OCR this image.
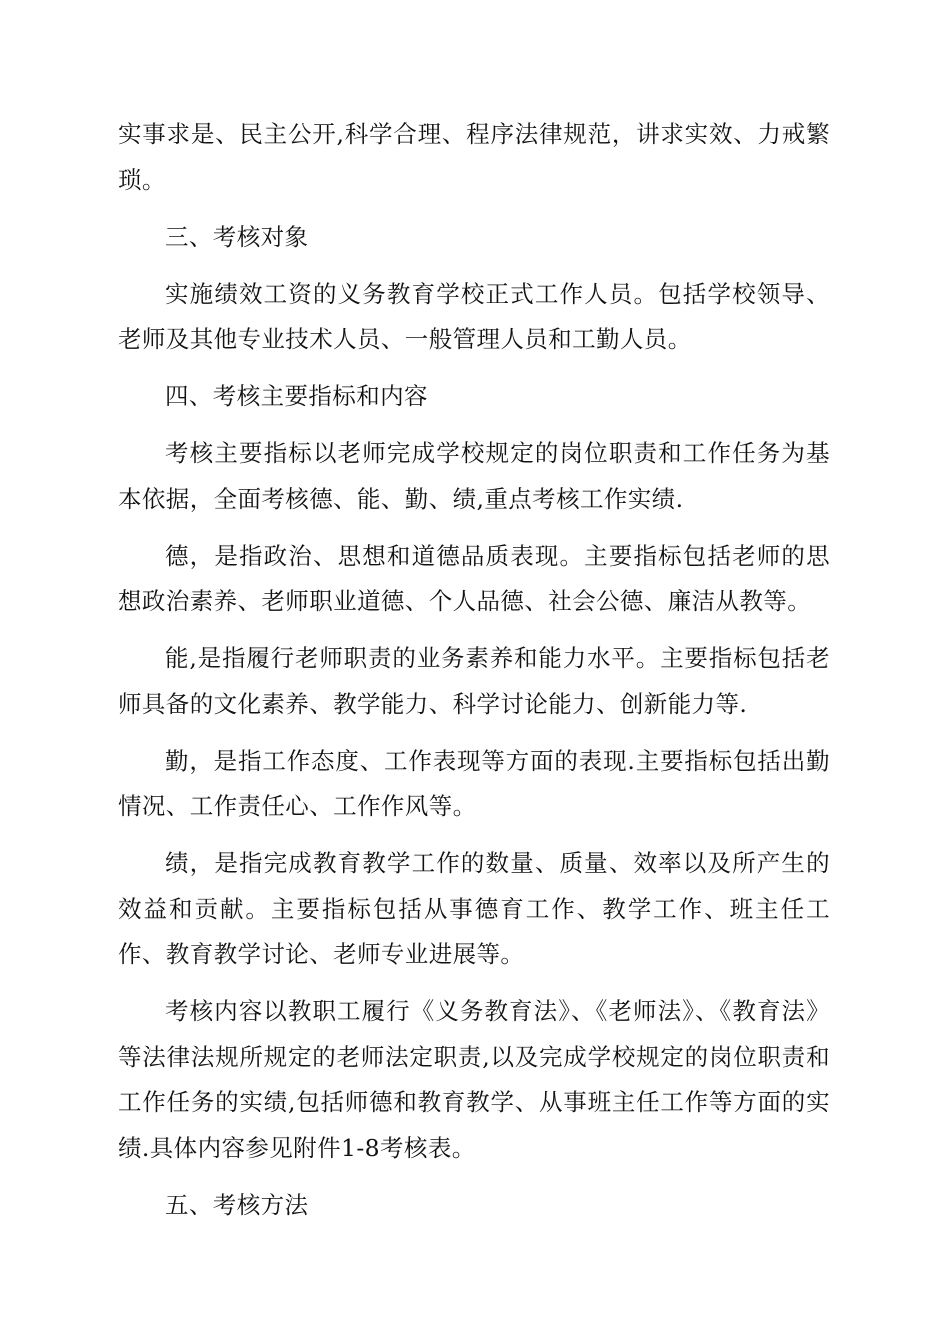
实事求是、民主公开,科学合理、程序法律规范，讲求实效、力戒繁琐。

三、考核对象

实施绩效工资的义务教育学校正式工作人员。包括学校领导、老师及其他专业技术人员、一般管理人员和工勤人员。

四、考核主要指标和内容

考核主要指标以老师完成学校规定的岗位职责和工作任务为基本依据，全面考核德、能、勤、绩,重点考核工作实绩.

德，是指政治、思想和道德品质表现。主要指标包括老师的思想政治素养、老师职业道德、个人品德、社会公德、廉洁从教等。

能,是指履行老师职责的业务素养和能力水平。主要指标包括老师具备的文化素养、教学能力、科学讨论能力、创新能力等.

勤，是指工作态度、工作表现等方面的表现.主要指标包括出勤情况、工作责任心、工作作风等。

绩，是指完成教育教学工作的数量、质量、效率以及所产生的效益和贡献。主要指标包括从事德育工作、教学工作、班主任工作、教育教学讨论、老师专业进展等。

考核内容以教职工履行《义务教育法》、《老师法》、《教育法》等法律法规所规定的老师法定职责,以及完成学校规定的岗位职责和工作任务的实绩,包括师德和教育教学、从事班主任工作等方面的实绩.具体内容参见附件1-8考核表。

五、考核方法
